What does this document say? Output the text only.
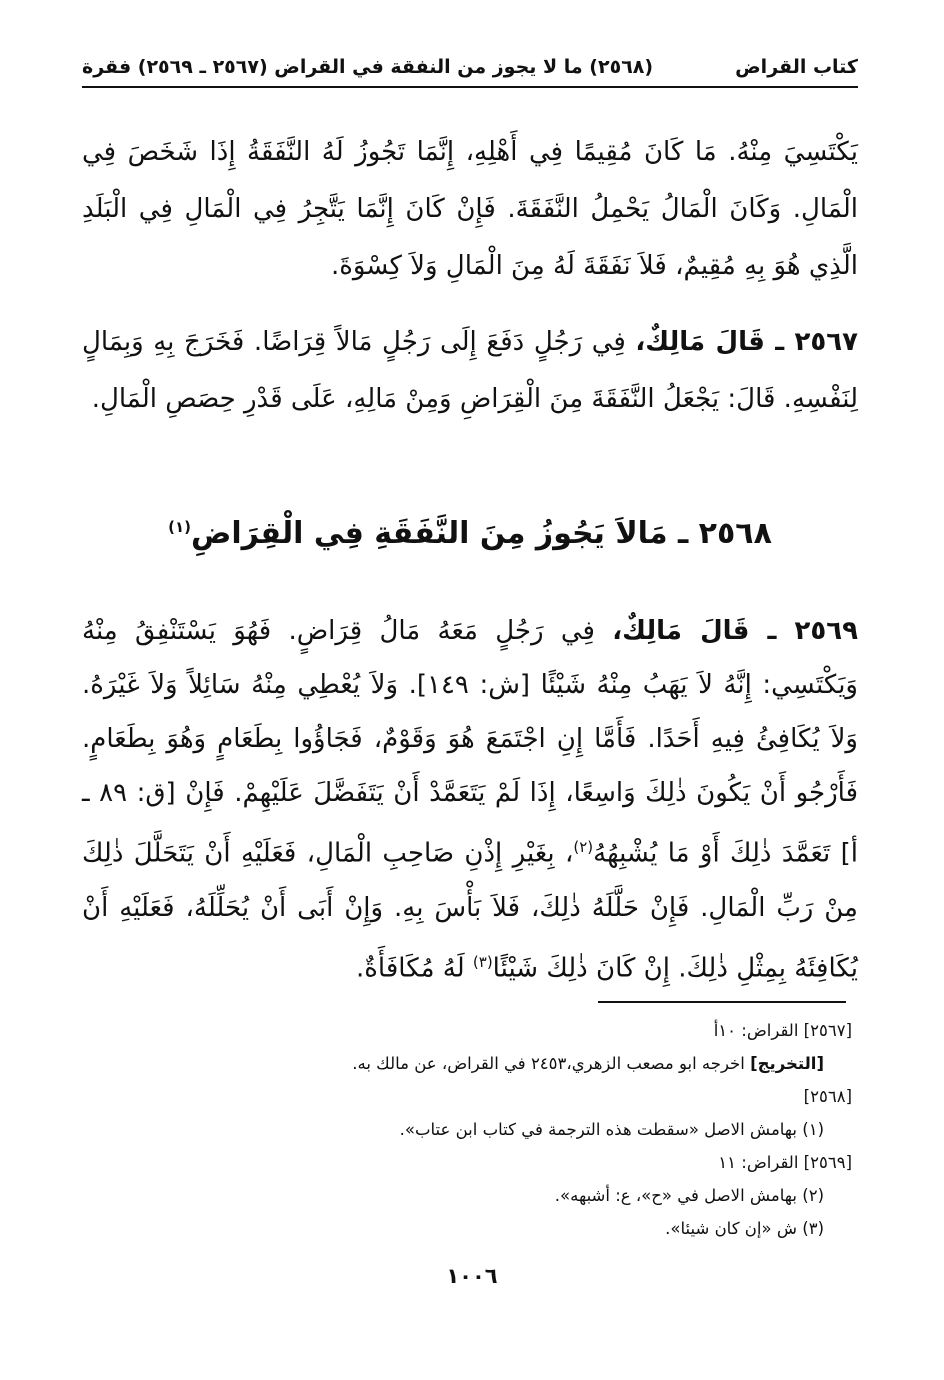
كتاب القراض
(٢٥٦٨) ما لا يجوز من النفقة في القراض (٢٥٦٧ ـ ٢٥٦٩) فقرة

يَكْتَسِيَ مِنْهُ. مَا كَانَ مُقِيمًا فِي أَهْلِهِ، إِنَّمَا تَجُوزُ لَهُ النَّفَقَةُ إِذَا شَخَصَ فِي الْمَالِ. وَكَانَ الْمَالُ يَحْمِلُ النَّفَقَةَ. فَإِنْ كَانَ إِنَّمَا يَتَّجِرُ فِي الْمَالِ فِي الْبَلَدِ الَّذِي هُوَ بِهِ مُقِيمٌ، فَلاَ نَفَقَةَ لَهُ مِنَ الْمَالِ وَلاَ كِسْوَةَ.

٢٥٦٧ ـ قَالَ مَالِكٌ، فِي رَجُلٍ دَفَعَ إِلَى رَجُلٍ مَالاً قِرَاضًا. فَخَرَجَ بِهِ وَبِمَالٍ لِنَفْسِهِ. قَالَ: يَجْعَلُ النَّفَقَةَ مِنَ الْقِرَاضِ وَمِنْ مَالِهِ، عَلَى قَدْرِ حِصَصِ الْمَالِ.

٢٥٦٨ ـ مَالاَ يَجُوزُ مِنَ النَّفَقَةِ فِي الْقِرَاضِ$^{(١)}$

٢٥٦٩ ـ قَالَ مَالِكٌ، فِي رَجُلٍ مَعَهُ مَالُ قِرَاضٍ. فَهُوَ يَسْتَنْفِقُ مِنْهُ وَيَكْتَسِي: إِنَّهُ لاَ يَهَبُ مِنْهُ شَيْئًا [ش: ١٤٩]. وَلاَ يُعْطِي مِنْهُ سَائِلاً وَلاَ غَيْرَهُ. وَلاَ يُكَافِئُ فِيهِ أَحَدًا. فَأَمَّا إِنِ اجْتَمَعَ هُوَ وَقَوْمٌ، فَجَاؤُوا بِطَعَامٍ وَهُوَ بِطَعَامٍ. فَأَرْجُو أَنْ يَكُونَ ذٰلِكَ وَاسِعًا، إِذَا لَمْ يَتَعَمَّدْ أَنْ يَتَفَضَّلَ عَلَيْهِمْ. فَإِنْ [ق: ٨٩ ـ أ] تَعَمَّدَ ذٰلِكَ أَوْ مَا يُشْبِهُهُ$^{(٢)}$، بِغَيْرِ إِذْنِ صَاحِبِ الْمَالِ، فَعَلَيْهِ أَنْ يَتَحَلَّلَ ذٰلِكَ مِنْ رَبِّ الْمَالِ. فَإِنْ حَلَّلَهُ ذٰلِكَ، فَلاَ بَأْسَ بِهِ. وَإِنْ أَبَى أَنْ يُحَلِّلَهُ، فَعَلَيْهِ أَنْ يُكَافِئَهُ بِمِثْلِ ذٰلِكَ. إِنْ كَانَ ذٰلِكَ شَيْئًا$^{(٣)}$ لَهُ مُكَافَأَةٌ.

[٢٥٦٧] القراض: ١٠أ
[التخريج] اخرجه ابو مصعب الزهري،٢٤٥٣ في القراض، عن مالك به.
[٢٥٦٨]
(١) بهامش الاصل «سقطت هذه الترجمة في كتاب ابن عتاب».
[٢٥٦٩] القراض: ١١
(٢) بهامش الاصل في «ح»، ع: أشبهه».
(٣) ش «إن كان شيئا».
١٠٠٦
